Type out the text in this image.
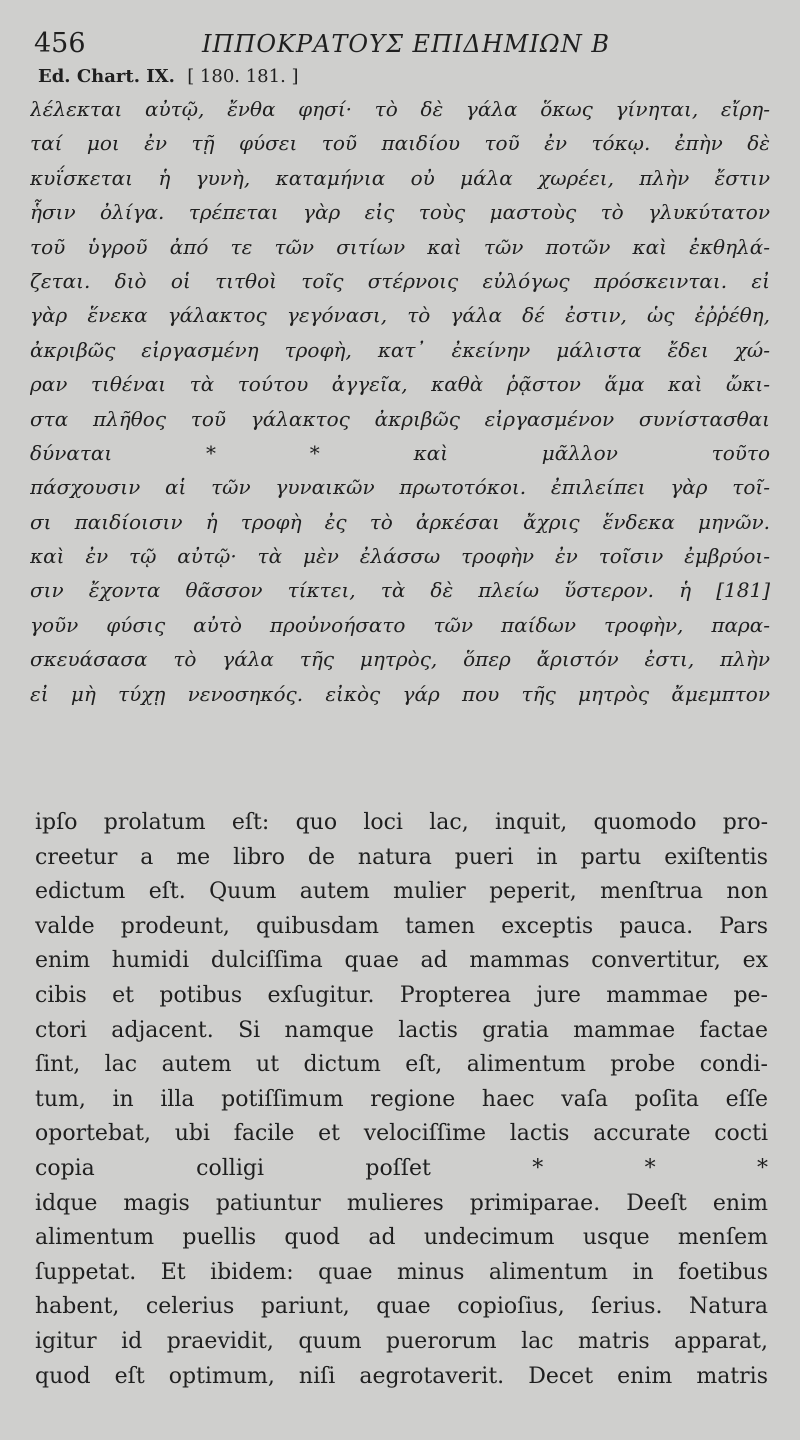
456	ΙΠΠΟΚΡΑΤΟΥΣ ΕΠΙΔΗΜΙΩΝ Β
Ed. Chart. IX. [ 180. 181. ]
λέλεκται αὐτῷ, ἔνθα φησί· τὸ δὲ γάλα ὅκως γίνηται, εἴρη-
ταί μοι ἐν τῇ φύσει τοῦ παιδίου τοῦ ἐν τόκῳ. ἐπὴν δὲ
κυΐσκεται ἡ γυνὴ, καταμήνια οὐ μάλα χωρέει, πλὴν ἔστιν
ἧσιν ὀλίγα. τρέπεται γὰρ εἰς τοὺς μαστοὺς τὸ γλυκύτατον
τοῦ ὑγροῦ ἀπό τε τῶν σιτίων καὶ τῶν ποτῶν καὶ ἐκθηλά-
ζεται. διὸ οἱ τιτθοὶ τοῖς στέρνοις εὐλόγως πρόσκεινται. εἰ
γὰρ ἕνεκα γάλακτος γεγόνασι, τὸ γάλα δέ ἐστιν, ὡς ἐῤῥέθη,
ἀκριβῶς εἰργασμένη τροφὴ, κατ᾽ ἐκείνην μάλιστα ἔδει χώ-
ραν τιθέναι τὰ τούτου ἀγγεῖα, καθὰ ῥᾷστον ἅμα καὶ ὤκι-
στα πλῆθος τοῦ γάλακτος ἀκριβῶς εἰργασμένον συνίστασθαι
δύναται * * καὶ μᾶλλον τοῦτο
πάσχουσιν αἱ τῶν γυναικῶν πρωτοτόκοι. ἐπιλείπει γὰρ τοῖ-
σι παιδίοισιν ἡ τροφὴ ἐς τὸ ἀρκέσαι ἄχρις ἕνδεκα μηνῶν.
καὶ ἐν τῷ αὐτῷ· τὰ μὲν ἐλάσσω τροφὴν ἐν τοῖσιν ἐμβρύοι-
σιν ἔχοντα θᾶσσον τίκτει, τὰ δὲ πλείω ὕστερον. ἡ [181]
γοῦν φύσις αὐτὸ προὐνοήσατο τῶν παίδων τροφὴν, παρα-
σκευάσασα τὸ γάλα τῆς μητρὸς, ὅπερ ἄριστόν ἐστι, πλὴν
εἰ μὴ τύχῃ νενοσηκός. εἰκὸς γάρ που τῆς μητρὸς ἄμεμπτον
ipſo prolatum eſt: quo loci lac, inquit, quomodo pro-
creetur a me libro de natura pueri in partu exiſtentis
edictum eſt. Quum autem mulier peperit, menſtrua non
valde prodeunt, quibusdam tamen exceptis pauca. Pars
enim humidi dulciſſima quae ad mammas convertitur, ex
cibis et potibus exſugitur. Propterea jure mammae pe-
ctori adjacent. Si namque lactis gratia mammae factae
ſint, lac autem ut dictum eſt, alimentum probe condi-
tum, in illa potiſſimum regione haec vaſa poſita eſſe
oportebat, ubi facile et velociſſime lactis accurate cocti
copia colligi poſſet * * *
idque magis patiuntur mulieres primiparae. Deeſt enim
alimentum puellis quod ad undecimum usque menſem
ſuppetat. Et ibidem: quae minus alimentum in foetibus
habent, celerius pariunt, quae copioſius, ſerius. Natura
igitur id praevidit, quum puerorum lac matris apparat,
quod eſt optimum, niſi aegrotaverit. Decet enim matris
